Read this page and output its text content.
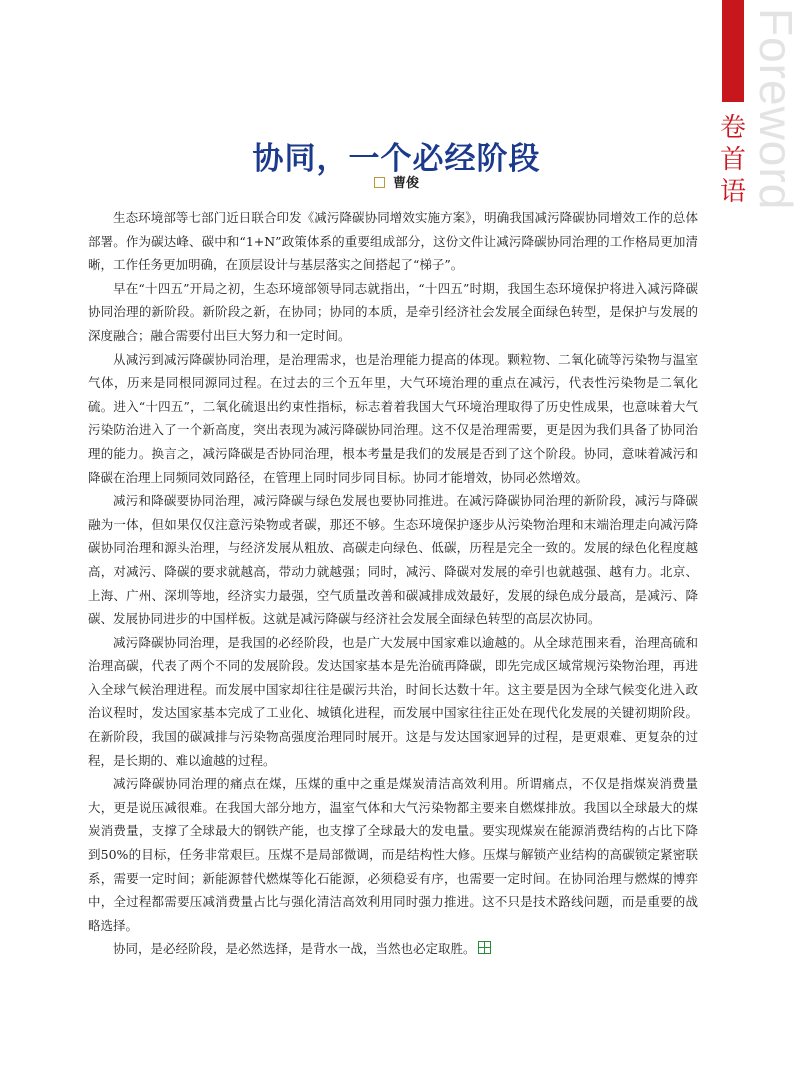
卷
首
语 Foreword
协同，一个必经阶段
曹俊

生态环境部等七部门近日联合印发《减污降碳协同增效实施方案》，明确我国减污降碳协同增效工作的总体部署。作为碳达峰、碳中和“1+N”政策体系的重要组成部分，这份文件让减污降碳协同治理的工作格局更加清晰，工作任务更加明确，在顶层设计与基层落实之间搭起了“梯子”。

早在“十四五”开局之初，生态环境部领导同志就指出，“十四五”时期，我国生态环境保护将进入减污降碳协同治理的新阶段。新阶段之新，在协同；协同的本质，是牵引经济社会发展全面绿色转型，是保护与发展的深度融合；融合需要付出巨大努力和一定时间。

从减污到减污降碳协同治理，是治理需求，也是治理能力提高的体现。颗粒物、二氧化硫等污染物与温室气体，历来是同根同源同过程。在过去的三个五年里，大气环境治理的重点在减污，代表性污染物是二氧化硫。进入“十四五”，二氧化硫退出约束性指标，标志着着我国大气环境治理取得了历史性成果，也意味着大气污染防治进入了一个新高度，突出表现为减污降碳协同治理。这不仅是治理需要，更是因为我们具备了协同治理的能力。换言之，减污降碳是否协同治理，根本考量是我们的发展是否到了这个阶段。协同，意味着减污和降碳在治理上同频同效同路径，在管理上同时同步同目标。协同才能增效，协同必然增效。

减污和降碳要协同治理，减污降碳与绿色发展也要协同推进。在减污降碳协同治理的新阶段，减污与降碳融为一体，但如果仅仅注意污染物或者碳，那还不够。生态环境保护逐步从污染物治理和末端治理走向减污降碳协同治理和源头治理，与经济发展从粗放、高碳走向绿色、低碳，历程是完全一致的。发展的绿色化程度越高，对减污、降碳的要求就越高，带动力就越强；同时，减污、降碳对发展的牵引也就越强、越有力。北京、上海、广州、深圳等地，经济实力最强，空气质量改善和碳减排成效最好，发展的绿色成分最高，是减污、降碳、发展协同进步的中国样板。这就是减污降碳与经济社会发展全面绿色转型的高层次协同。

减污降碳协同治理，是我国的必经阶段，也是广大发展中国家难以逾越的。从全球范围来看，治理高硫和治理高碳，代表了两个不同的发展阶段。发达国家基本是先治硫再降碳，即先完成区域常规污染物治理，再进入全球气候治理进程。而发展中国家却往往是碳污共治，时间长达数十年。这主要是因为全球气候变化进入政治议程时，发达国家基本完成了工业化、城镇化进程，而发展中国家往往正处在现代化发展的关键初期阶段。在新阶段，我国的碳减排与污染物高强度治理同时展开。这是与发达国家迥异的过程，是更艰难、更复杂的过程，是长期的、难以逾越的过程。

减污降碳协同治理的痛点在煤，压煤的重中之重是煤炭清洁高效利用。所谓痛点，不仅是指煤炭消费量大，更是说压减很难。在我国大部分地方，温室气体和大气污染物都主要来自燃煤排放。我国以全球最大的煤炭消费量，支撑了全球最大的钢铁产能，也支撑了全球最大的发电量。要实现煤炭在能源消费结构的占比下降到50%的目标，任务非常艰巨。压煤不是局部微调，而是结构性大修。压煤与解锁产业结构的高碳锁定紧密联系，需要一定时间；新能源替代燃煤等化石能源，必须稳妥有序，也需要一定时间。在协同治理与燃煤的博弈中，全过程都需要压减消费量占比与强化清洁高效利用同时强力推进。这不只是技术路线问题，而是重要的战略选择。

协同，是必经阶段，是必然选择，是背水一战，当然也必定取胜。
